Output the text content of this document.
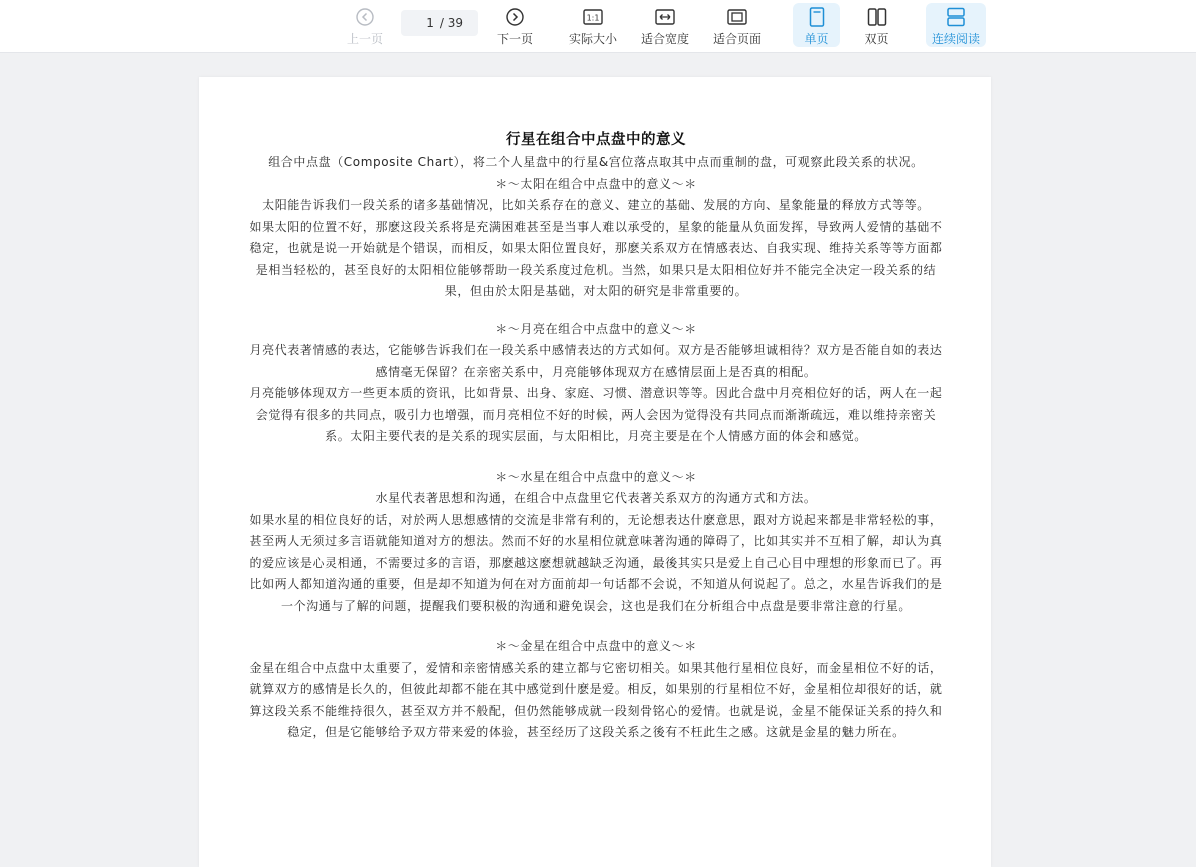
上一页
1
/ 39
下一页
1:1
实际大小 适合宽度 适合页面	单页	双页	连续阅读
行星在组合中点盘中的意义

组合中点盘（Composite Chart），将二个人星盘中的行星&宫位落点取其中点而重制的盘，可观察此段关系的状况。

＊～太阳在组合中点盘中的意义～＊

太阳能告诉我们一段关系的诸多基础情况，比如关系存在的意义、建立的基础、发展的方向、星象能量的释放方式等等。

如果太阳的位置不好，那麽这段关系将是充满困难甚至是当事人难以承受的，星象的能量从负面发挥，导致两人爱情的基础不稳定，也就是说一开始就是个错误，而相反，如果太阳位置良好，那麽关系双方在情感表达、自我实现、维持关系等等方面都是相当轻松的，甚至良好的太阳相位能够帮助一段关系度过危机。当然，如果只是太阳相位好并不能完全决定一段关系的结果，但由於太阳是基础，对太阳的研究是非常重要的。

＊～月亮在组合中点盘中的意义～＊

月亮代表著情感的表达，它能够告诉我们在一段关系中感情表达的方式如何。双方是否能够坦诚相待？双方是否能自如的表达感情毫无保留？在亲密关系中，月亮能够体现双方在感情层面上是否真的相配。

月亮能够体现双方一些更本质的资讯，比如背景、出身、家庭、习惯、潜意识等等。因此合盘中月亮相位好的话，两人在一起会觉得有很多的共同点，吸引力也增强，而月亮相位不好的时候，两人会因为觉得没有共同点而渐渐疏远，难以维持亲密关系。太阳主要代表的是关系的现实层面，与太阳相比，月亮主要是在个人情感方面的体会和感觉。

＊～水星在组合中点盘中的意义～＊

水星代表著思想和沟通，在组合中点盘里它代表著关系双方的沟通方式和方法。

如果水星的相位良好的话，对於两人思想感情的交流是非常有利的，无论想表达什麽意思，跟对方说起来都是非常轻松的事，甚至两人无须过多言语就能知道对方的想法。然而不好的水星相位就意味著沟通的障碍了，比如其实并不互相了解，却认为真的爱应该是心灵相通，不需要过多的言语，那麽越这麽想就越缺乏沟通，最後其实只是爱上自己心目中理想的形象而已了。再比如两人都知道沟通的重要，但是却不知道为何在对方面前却一句话都不会说，不知道从何说起了。总之，水星告诉我们的是一个沟通与了解的问题，提醒我们要积极的沟通和避免误会，这也是我们在分析组合中点盘是要非常注意的行星。

＊～金星在组合中点盘中的意义～＊

金星在组合中点盘中太重要了，爱情和亲密情感关系的建立都与它密切相关。如果其他行星相位良好，而金星相位不好的话，就算双方的感情是长久的，但彼此却都不能在其中感觉到什麽是爱。相反，如果别的行星相位不好，金星相位却很好的话，就算这段关系不能维持很久，甚至双方并不般配，但仍然能够成就一段刻骨铭心的爱情。也就是说，金星不能保证关系的持久和稳定，但是它能够给予双方带来爱的体验，甚至经历了这段关系之後有不枉此生之感。这就是金星的魅力所在。
